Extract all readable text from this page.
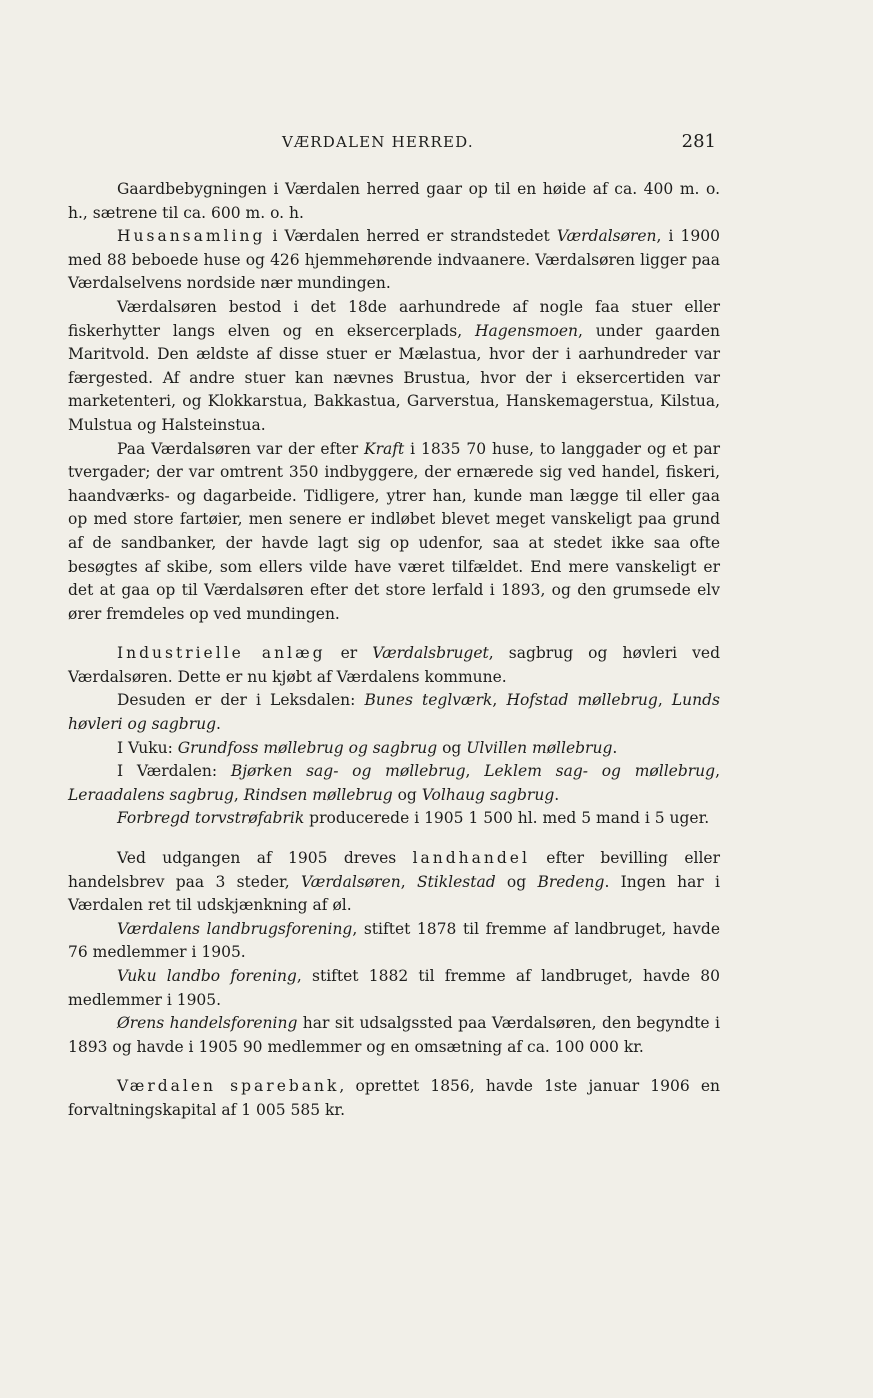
VÆRDALEN HERRED.	281

Gaardbebygningen i Værdalen herred gaar op til en høide af ca. 400 m. o. h., sætrene til ca. 600 m. o. h.

Husansamling i Værdalen herred er strandstedet Værdalsøren, i 1900 med 88 beboede huse og 426 hjemmehørende indvaanere. Værdalsøren ligger paa Værdalselvens nordside nær mundingen.

Værdalsøren bestod i det 18de aarhundrede af nogle faa stuer eller fiskerhytter langs elven og en eksercerplads, Hagensmoen, under gaarden Maritvold. Den ældste af disse stuer er Mælastua, hvor der i aarhundreder var færgested. Af andre stuer kan nævnes Brustua, hvor der i eksercertiden var marketenteri, og Klokkarstua, Bakkastua, Garverstua, Hanskemagerstua, Kilstua, Mulstua og Halsteinstua.

Paa Værdalsøren var der efter Kraft i 1835 70 huse, to langgader og et par tvergader; der var omtrent 350 indbyggere, der ernærede sig ved handel, fiskeri, haandværks- og dagarbeide. Tidligere, ytrer han, kunde man lægge til eller gaa op med store fartøier, men senere er indløbet blevet meget vanskeligt paa grund af de sandbanker, der havde lagt sig op udenfor, saa at stedet ikke saa ofte besøgtes af skibe, som ellers vilde have været tilfældet. End mere vanskeligt er det at gaa op til Værdalsøren efter det store lerfald i 1893, og den grumsede elv ører fremdeles op ved mundingen.

Industrielle anlæg er Værdalsbruget, sagbrug og høvleri ved Værdalsøren. Dette er nu kjøbt af Værdalens kommune.

Desuden er der i Leksdalen: Bunes teglværk, Hofstad møllebrug, Lunds høvleri og sagbrug.

I Vuku: Grundfoss møllebrug og sagbrug og Ulvillen møllebrug.

I Værdalen: Bjørken sag- og møllebrug, Leklem sag- og møllebrug, Leraadalens sagbrug, Rindsen møllebrug og Volhaug sagbrug.

Forbregd torvstrøfabrik producerede i 1905 1 500 hl. med 5 mand i 5 uger.

Ved udgangen af 1905 dreves landhandel efter bevilling eller handelsbrev paa 3 steder, Værdalsøren, Stiklestad og Bredeng. Ingen har i Værdalen ret til udskjænkning af øl.

Værdalens landbrugsforening, stiftet 1878 til fremme af landbruget, havde 76 medlemmer i 1905.

Vuku landbo forening, stiftet 1882 til fremme af landbruget, havde 80 medlemmer i 1905.

Ørens handelsforening har sit udsalgssted paa Værdalsøren, den begyndte i 1893 og havde i 1905 90 medlemmer og en omsætning af ca. 100 000 kr.

Værdalen sparebank, oprettet 1856, havde 1ste januar 1906 en forvaltningskapital af 1 005 585 kr.
